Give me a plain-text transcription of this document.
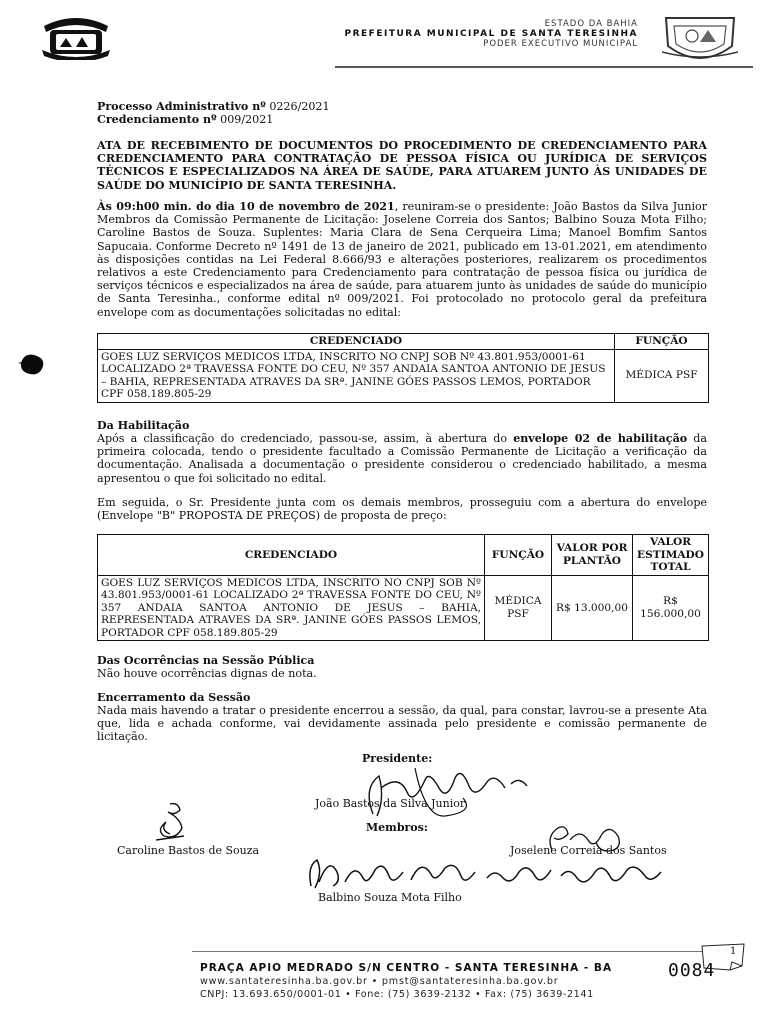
ESTADO DA BAHIA
PREFEITURA MUNICIPAL DE SANTA TERESINHA
PODER EXECUTIVO MUNICIPAL
Processo Administrativo nº 0226/2021
Credenciamento nº 009/2021

ATA DE RECEBIMENTO DE DOCUMENTOS DO PROCEDIMENTO DE CREDENCIAMENTO PARA CREDENCIAMENTO PARA CONTRATAÇÃO DE PESSOA FÍSICA OU JURÍDICA DE SERVIÇOS TÉCNICOS E ESPECIALIZADOS NA ÁREA DE SAÚDE, PARA ATUAREM JUNTO ÀS UNIDADES DE SAÚDE DO MUNICÍPIO DE SANTA TERESINHA.

Às 09:h00 min. do dia 10 de novembro de 2021, reuniram-se o presidente: João Bastos da Silva Junior Membros da Comissão Permanente de Licitação: Joselene Correia dos Santos; Balbino Souza Mota Filho; Caroline Bastos de Souza. Suplentes: Maria Clara de Sena Cerqueira Lima; Manoel Bomfim Santos Sapucaia. Conforme Decreto nº 1491 de 13 de janeiro de 2021, publicado em 13-01.2021, em atendimento às disposições contidas na Lei Federal 8.666/93 e alterações posteriores, realizarem os procedimentos relativos a este Credenciamento para Credenciamento para contratação de pessoa física ou jurídica de serviços técnicos e especializados na área de saúde, para atuarem junto às unidades de saúde do município de Santa Teresinha., conforme edital nº 009/2021. Foi protocolado no protocolo geral da prefeitura envelope com as documentações solicitadas no edital:

CREDENCIADO	FUNÇÃO
GOES LUZ SERVIÇOS MEDICOS LTDA, INSCRITO NO CNPJ SOB Nº 43.801.953/0001-61 LOCALIZADO 2ª TRAVESSA FONTE DO CEU, Nº 357 ANDAIA SANTOA ANTONIO DE JESUS – BAHIA, REPRESENTADA ATRAVES DA SRª. JANINE GÓES PASSOS LEMOS, PORTADOR CPF 058.189.805-29	MÉDICA PSF
Da Habilitação

Após a classificação do credenciado, passou-se, assim, à abertura do envelope 02 de habilitação da primeira colocada, tendo o presidente facultado a Comissão Permanente de Licitação a verificação da documentação. Analisada a documentação o presidente considerou o credenciado habilitado, a mesma apresentou o que foi solicitado no edital.

Em seguida, o Sr. Presidente junta com os demais membros, prosseguiu com a abertura do envelope (Envelope "B" PROPOSTA DE PREÇOS) de proposta de preço:

CREDENCIADO	FUNÇÃO	VALOR POR PLANTÃO	VALOR ESTIMADO TOTAL
GOES LUZ SERVIÇOS MEDICOS LTDA, INSCRITO NO CNPJ SOB Nº 43.801.953/0001-61 LOCALIZADO 2ª TRAVESSA FONTE DO CEU, Nº 357 ANDAIA SANTOA ANTONIO DE JESUS – BAHIA, REPRESENTADA ATRAVES DA SRª. JANINE GÓES PASSOS LEMOS, PORTADOR CPF 058.189.805-29	MÉDICA PSF	R$ 13.000,00	R$ 156.000,00
Das Ocorrências na Sessão Pública
Não houve ocorrências dignas de nota.
Encerramento da Sessão

Nada mais havendo a tratar o presidente encerrou a sessão, da qual, para constar, lavrou-se a presente Ata que, lida e achada conforme, vai devidamente assinada pelo presidente e comissão permanente de licitação.

Presidente:
João Bastos da Silva Junior
Membros:
Caroline Bastos de Souza	Joselene Correia dos Santos
Balbino Souza Mota Filho
PRAÇA APIO MEDRADO S/N CENTRO - SANTA TERESINHA - BA
www.santateresinha.ba.gov.br • pmst@santateresinha.ba.gov.br
CNPJ: 13.693.650/0001-01 • Fone: (75) 3639-2132 • Fax: (75) 3639-2141
1
0084
